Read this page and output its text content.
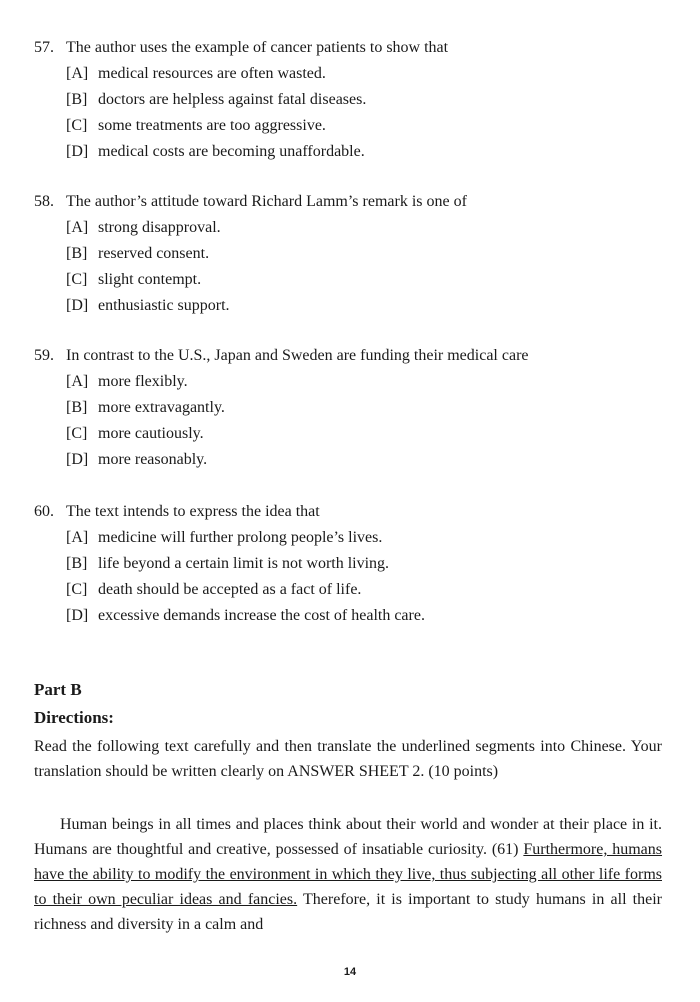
57. The author uses the example of cancer patients to show that
[A] medical resources are often wasted.
[B] doctors are helpless against fatal diseases.
[C] some treatments are too aggressive.
[D] medical costs are becoming unaffordable.
58. The author’s attitude toward Richard Lamm’s remark is one of
[A] strong disapproval.
[B] reserved consent.
[C] slight contempt.
[D] enthusiastic support.
59. In contrast to the U.S., Japan and Sweden are funding their medical care
[A] more flexibly.
[B] more extravagantly.
[C] more cautiously.
[D] more reasonably.
60. The text intends to express the idea that
[A] medicine will further prolong people’s lives.
[B] life beyond a certain limit is not worth living.
[C] death should be accepted as a fact of life.
[D] excessive demands increase the cost of health care.
Part B
Directions:
Read the following text carefully and then translate the underlined segments into Chinese. Your translation should be written clearly on ANSWER SHEET 2. (10 points)
Human beings in all times and places think about their world and wonder at their place in it. Humans are thoughtful and creative, possessed of insatiable curiosity. (61) Furthermore, humans have the ability to modify the environment in which they live, thus subjecting all other life forms to their own peculiar ideas and fancies. Therefore, it is important to study humans in all their richness and diversity in a calm and
14
